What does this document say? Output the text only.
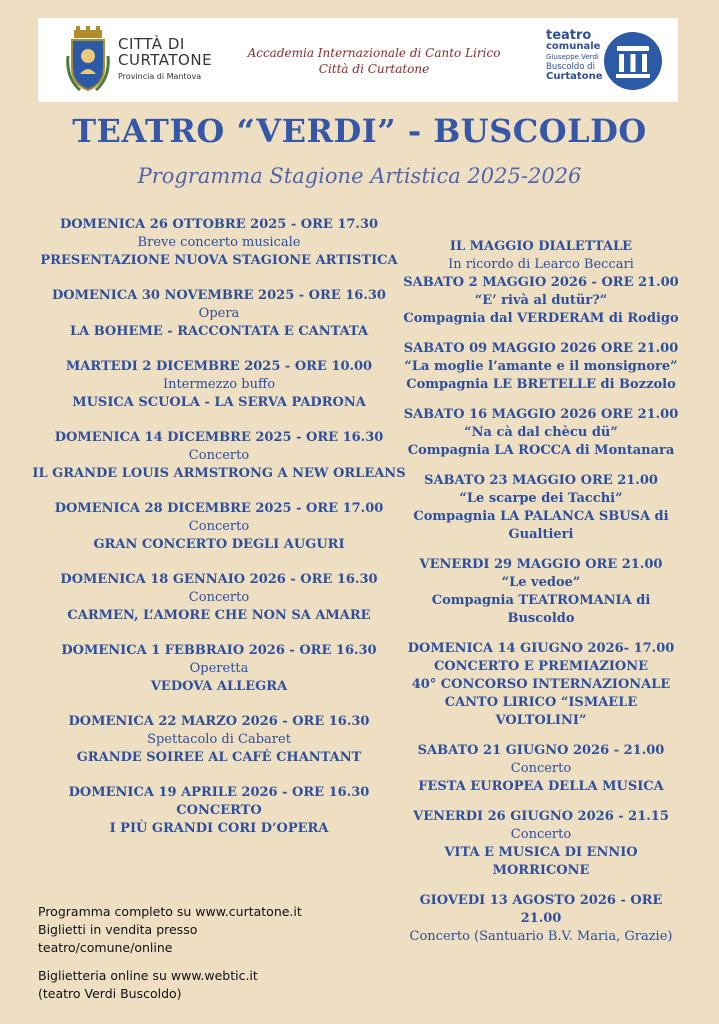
CITTÀ DI
CURTATONE
Provincia di Mantova
Accademia Internazionale di Canto Lirico
Città di Curtatone
teatro
comunale
Giuseppe Verdi
Buscoldo di
Curtatone
TEATRO “VERDI” - BUSCOLDO
Programma Stagione Artistica 2025-2026
DOMENICA 26 OTTOBRE 2025 - ORE 17.30
Breve concerto musicale
PRESENTAZIONE NUOVA STAGIONE ARTISTICA
DOMENICA 30 NOVEMBRE 2025 - ORE 16.30
Opera
LA BOHEME - RACCONTATA E CANTATA
MARTEDI 2 DICEMBRE 2025 - ORE 10.00
Intermezzo buffo
MUSICA SCUOLA - LA SERVA PADRONA
DOMENICA 14 DICEMBRE 2025 - ORE 16.30
Concerto
IL GRANDE LOUIS ARMSTRONG A NEW ORLEANS
DOMENICA 28 DICEMBRE 2025 - ORE 17.00
Concerto
GRAN CONCERTO DEGLI AUGURI
DOMENICA 18 GENNAIO 2026 - ORE 16.30
Concerto
CARMEN, L’AMORE CHE NON SA AMARE
DOMENICA 1 FEBBRAIO 2026 - ORE 16.30
Operetta
VEDOVA ALLEGRA
DOMENICA 22 MARZO 2026 - ORE 16.30
Spettacolo di Cabaret
GRANDE SOIREE AL CAFÉ CHANTANT
DOMENICA 19 APRILE 2026 - ORE 16.30
CONCERTO
I PIÙ GRANDI CORI D’OPERA
IL MAGGIO DIALETTALE
In ricordo di Learco Beccari
SABATO 2 MAGGIO 2026 - ORE 21.00
“E’ rivà al dutür?”
Compagnia dal VERDERAM di Rodigo
SABATO 09 MAGGIO 2026 ORE 21.00
“La moglie l’amante e il monsignore”
Compagnia LE BRETELLE di Bozzolo
SABATO 16 MAGGIO 2026 ORE 21.00
“Na cà dal chècu dü”
Compagnia LA ROCCA di Montanara
SABATO 23 MAGGIO ORE 21.00
“Le scarpe dei Tacchi”
Compagnia LA PALANCA SBUSA di Gualtieri
VENERDI 29 MAGGIO ORE 21.00
“Le vedoe”
Compagnia TEATROMANIA di Buscoldo
DOMENICA 14 GIUGNO 2026- 17.00
CONCERTO E PREMIAZIONE
40° CONCORSO INTERNAZIONALE
CANTO LIRICO “ISMAELE VOLTOLINI”
SABATO 21 GIUGNO 2026 - 21.00
Concerto
FESTA EUROPEA DELLA MUSICA
VENERDI 26 GIUGNO 2026 - 21.15
Concerto
VITA E MUSICA DI ENNIO MORRICONE
GIOVEDI 13 AGOSTO 2026 - ORE 21.00
Concerto (Santuario B.V. Maria, Grazie)
Programma completo su www.curtatone.it
Biglietti in vendita presso
teatro/comune/online
Biglietteria online su www.webtic.it
(teatro Verdi Buscoldo)
